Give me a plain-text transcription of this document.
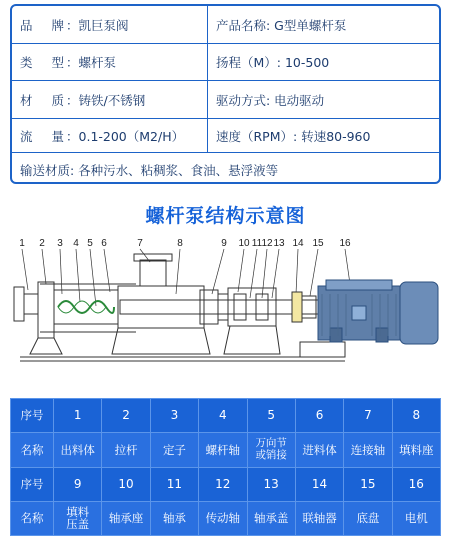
品 牌 ： 凯巨泵阀	产品名称: G型单螺杆泵
类 型 ： 螺杆泵	扬程（M）: 10-500
材 质 ： 铸铁/不锈钢	驱动方式: 电动驱动
流 量 ： 0.1-200（M2/H）	速度（RPM）: 转速80-960
输送材质: 各种污水、粘稠浆、食油、悬浮液等
螺杆泵结构示意图
1 2 3 4 5 6	7	8	9 10 11 12 13 14 15 16
序号	1	2	3	4	5	6	7	8
名称	出料体	拉杆	定子	螺杆轴	万向节或销接	进料体	连接轴	填料座
序号	9	10	11	12	13	14	15	16
名称	填料压盖	轴承座	轴承	传动轴	轴承盖	联轴器	底盘	电机
